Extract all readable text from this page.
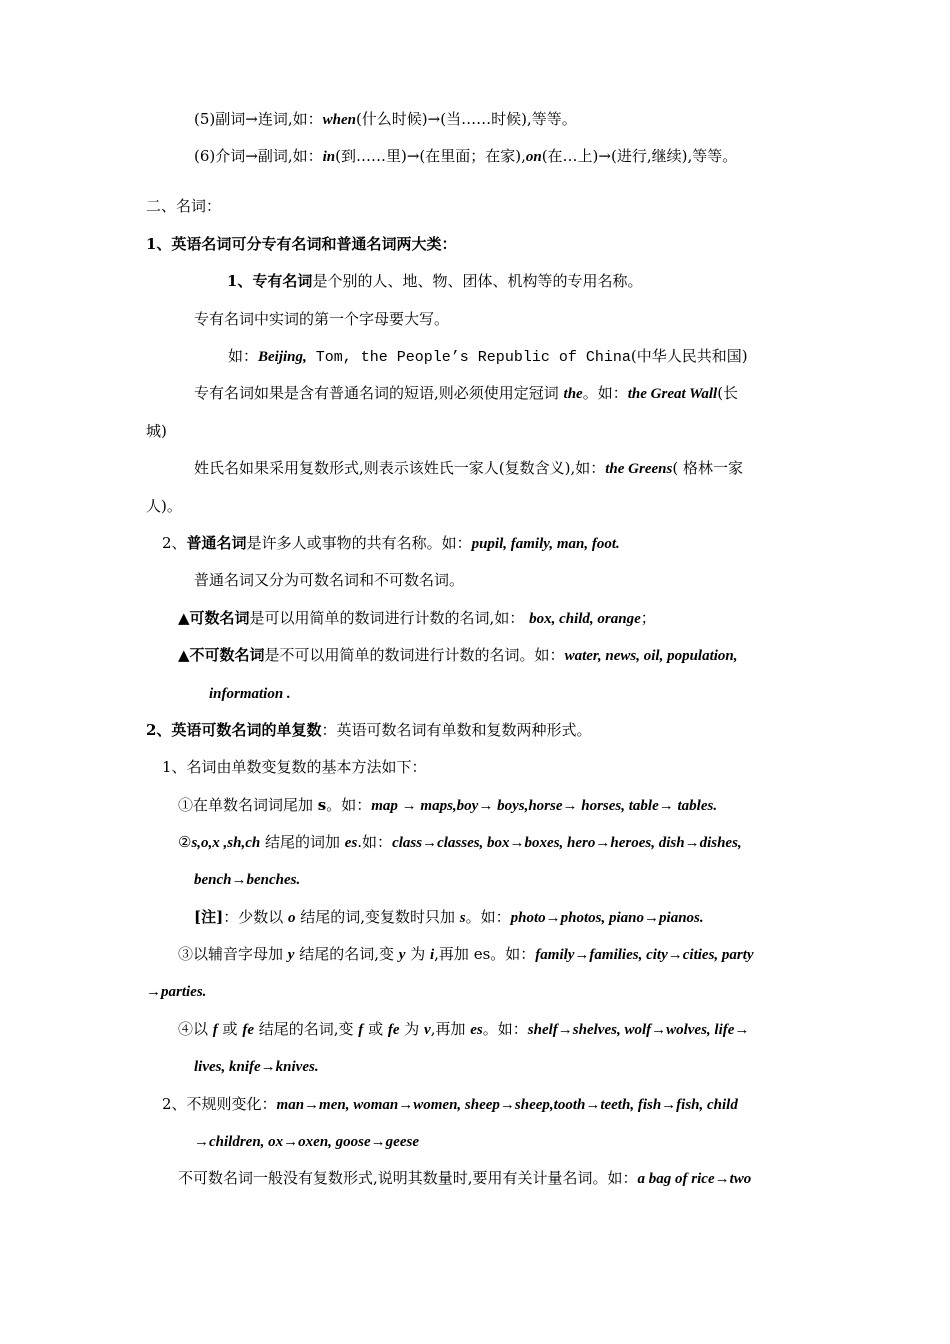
(5)副词→连词,如：when(什么时候)→(当……时候),等等。
(6)介词→副词,如：in(到……里)→(在里面；在家),on(在…上)→(进行,继续),等等。
二、名词：
1、英语名词可分专有名词和普通名词两大类：
1、专有名词是个别的人、地、物、团体、机构等的专用名称。
专有名词中实词的第一个字母要大写。
如：Beijing, Tom, the People’s Republic of China(中华人民共和国)
专有名词如果是含有普通名词的短语,则必须使用定冠词 the。如：the Great Wall(长
城)
姓氏名如果采用复数形式,则表示该姓氏一家人(复数含义),如：the Greens( 格林一家
人)。
2、普通名词是许多人或事物的共有名称。如：pupil, family, man, foot.
普通名词又分为可数名词和不可数名词。
▲可数名词是可以用简单的数词进行计数的名词,如： box, child, orange；
▲不可数名词是不可以用简单的数词进行计数的名词。如：water, news, oil, population,
information .
2、英语可数名词的单复数：英语可数名词有单数和复数两种形式。
1、名词由单数变复数的基本方法如下：
①在单数名词词尾加 s。如：map → maps,boy→ boys,horse→ horses, table→ tables.
②s,o,x ,sh,ch 结尾的词加 es.如：class→classes, box→boxes, hero→heroes, dish→dishes,
bench→benches.
[注]：少数以 o 结尾的词,变复数时只加 s。如：photo→photos, piano→pianos.
③以辅音字母加 y 结尾的名词,变 y 为 i,再加 es。如：family→families, city→cities, party
→parties.
④以 f 或 fe 结尾的名词,变 f 或 fe 为 v,再加 es。如：shelf→shelves, wolf→wolves, life→
lives, knife→knives.
2、不规则变化：man→men, woman→women, sheep→sheep,tooth→teeth, fish→fish, child
→children, ox→oxen, goose→geese
不可数名词一般没有复数形式,说明其数量时,要用有关计量名词。如：a bag of rice→two
